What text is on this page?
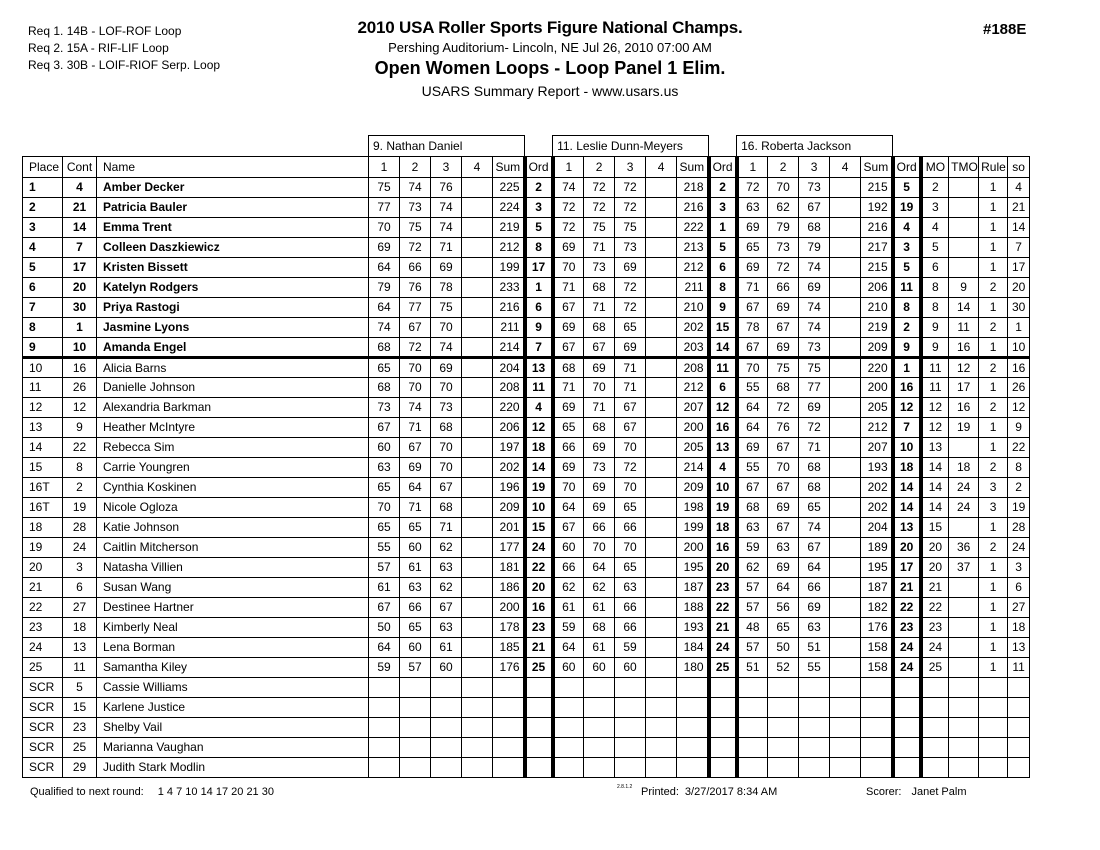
Req 1. 14B - LOF-ROF Loop
Req 2. 15A - RIF-LIF Loop
Req 3. 30B - LOIF-RIOF Serp. Loop
2010 USA Roller Sports Figure National Champs.
Pershing Auditorium- Lincoln, NE Jul 26, 2010 07:00 AM
Open Women Loops - Loop Panel 1 Elim.
USARS Summary Report - www.usars.us
#188E
			9. Nathan Daniel						11. Leslie Dunn-Meyers						16. Roberta Jackson									
Place	Cont	Name	1	2	3	4	Sum	Ord	1	2	3	4	Sum	Ord	1	2	3	4	Sum	Ord	MO	TMO	Rule	so
1	4	Amber Decker	75	74	76		225	2	74	72	72		218	2	72	70	73		215	5	2		1	4
2	21	Patricia Bauler	77	73	74		224	3	72	72	72		216	3	63	62	67		192	19	3		1	21
3	14	Emma Trent	70	75	74		219	5	72	75	75		222	1	69	79	68		216	4	4		1	14
4	7	Colleen Daszkiewicz	69	72	71		212	8	69	71	73		213	5	65	73	79		217	3	5		1	7
5	17	Kristen Bissett	64	66	69		199	17	70	73	69		212	6	69	72	74		215	5	6		1	17
6	20	Katelyn Rodgers	79	76	78		233	1	71	68	72		211	8	71	66	69		206	11	8	9	2	20
7	30	Priya Rastogi	64	77	75		216	6	67	71	72		210	9	67	69	74		210	8	8	14	1	30
8	1	Jasmine Lyons	74	67	70		211	9	69	68	65		202	15	78	67	74		219	2	9	11	2	1
9	10	Amanda Engel	68	72	74		214	7	67	67	69		203	14	67	69	73		209	9	9	16	1	10
10	16	Alicia Barns	65	70	69		204	13	68	69	71		208	11	70	75	75		220	1	11	12	2	16
11	26	Danielle Johnson	68	70	70		208	11	71	70	71		212	6	55	68	77		200	16	11	17	1	26
12	12	Alexandria Barkman	73	74	73		220	4	69	71	67		207	12	64	72	69		205	12	12	16	2	12
13	9	Heather McIntyre	67	71	68		206	12	65	68	67		200	16	64	76	72		212	7	12	19	1	9
14	22	Rebecca Sim	60	67	70		197	18	66	69	70		205	13	69	67	71		207	10	13		1	22
15	8	Carrie Youngren	63	69	70		202	14	69	73	72		214	4	55	70	68		193	18	14	18	2	8
16T	2	Cynthia Koskinen	65	64	67		196	19	70	69	70		209	10	67	67	68		202	14	14	24	3	2
16T	19	Nicole Ogloza	70	71	68		209	10	64	69	65		198	19	68	69	65		202	14	14	24	3	19
18	28	Katie Johnson	65	65	71		201	15	67	66	66		199	18	63	67	74		204	13	15		1	28
19	24	Caitlin Mitcherson	55	60	62		177	24	60	70	70		200	16	59	63	67		189	20	20	36	2	24
20	3	Natasha Villien	57	61	63		181	22	66	64	65		195	20	62	69	64		195	17	20	37	1	3
21	6	Susan Wang	61	63	62		186	20	62	62	63		187	23	57	64	66		187	21	21		1	6
22	27	Destinee Hartner	67	66	67		200	16	61	61	66		188	22	57	56	69		182	22	22		1	27
23	18	Kimberly Neal	50	65	63		178	23	59	68	66		193	21	48	65	63		176	23	23		1	18
24	13	Lena Borman	64	60	61		185	21	64	61	59		184	24	57	50	51		158	24	24		1	13
25	11	Samantha Kiley	59	57	60		176	25	60	60	60		180	25	51	52	55		158	24	25		1	11
SCR	5	Cassie Williams																						
SCR	15	Karlene Justice																						
SCR	23	Shelby Vail																						
SCR	25	Marianna Vaughan																						
SCR	29	Judith Stark Modlin																						
Qualified to next round: 1 4 7 10 14 17 20 21 30	2.8.1.2 Printed: 3/27/2017 8:34 AM	Scorer: Janet Palm
